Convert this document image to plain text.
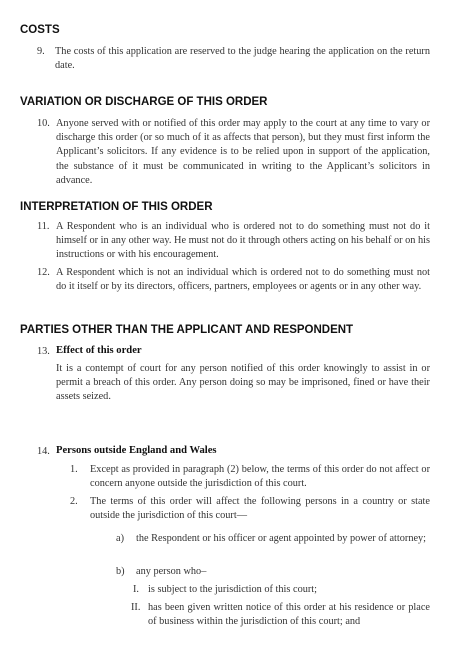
COSTS
9. The costs of this application are reserved to the judge hearing the application on the return date.
VARIATION OR DISCHARGE OF THIS ORDER
10. Anyone served with or notified of this order may apply to the court at any time to vary or discharge this order (or so much of it as affects that person), but they must first inform the Applicant’s solicitors. If any evidence is to be relied upon in support of the application, the substance of it must be communicated in writing to the Applicant’s solicitors in advance.
INTERPRETATION OF THIS ORDER
11. A Respondent who is an individual who is ordered not to do something must not do it himself or in any other way. He must not do it through others acting on his behalf or on his instructions or with his encouragement.
12. A Respondent which is not an individual which is ordered not to do something must not do it itself or by its directors, officers, partners, employees or agents or in any other way.
PARTIES OTHER THAN THE APPLICANT AND RESPONDENT
13. Effect of this order
It is a contempt of court for any person notified of this order knowingly to assist in or permit a breach of this order. Any person doing so may be imprisoned, fined or have their assets seized.
14. Persons outside England and Wales
1. Except as provided in paragraph (2) below, the terms of this order do not affect or concern anyone outside the jurisdiction of this court.
2. The terms of this order will affect the following persons in a country or state outside the jurisdiction of this court—
a) the Respondent or his officer or agent appointed by power of attorney;
b) any person who–
I. is subject to the jurisdiction of this court;
II. has been given written notice of this order at his residence or place of business within the jurisdiction of this court; and
